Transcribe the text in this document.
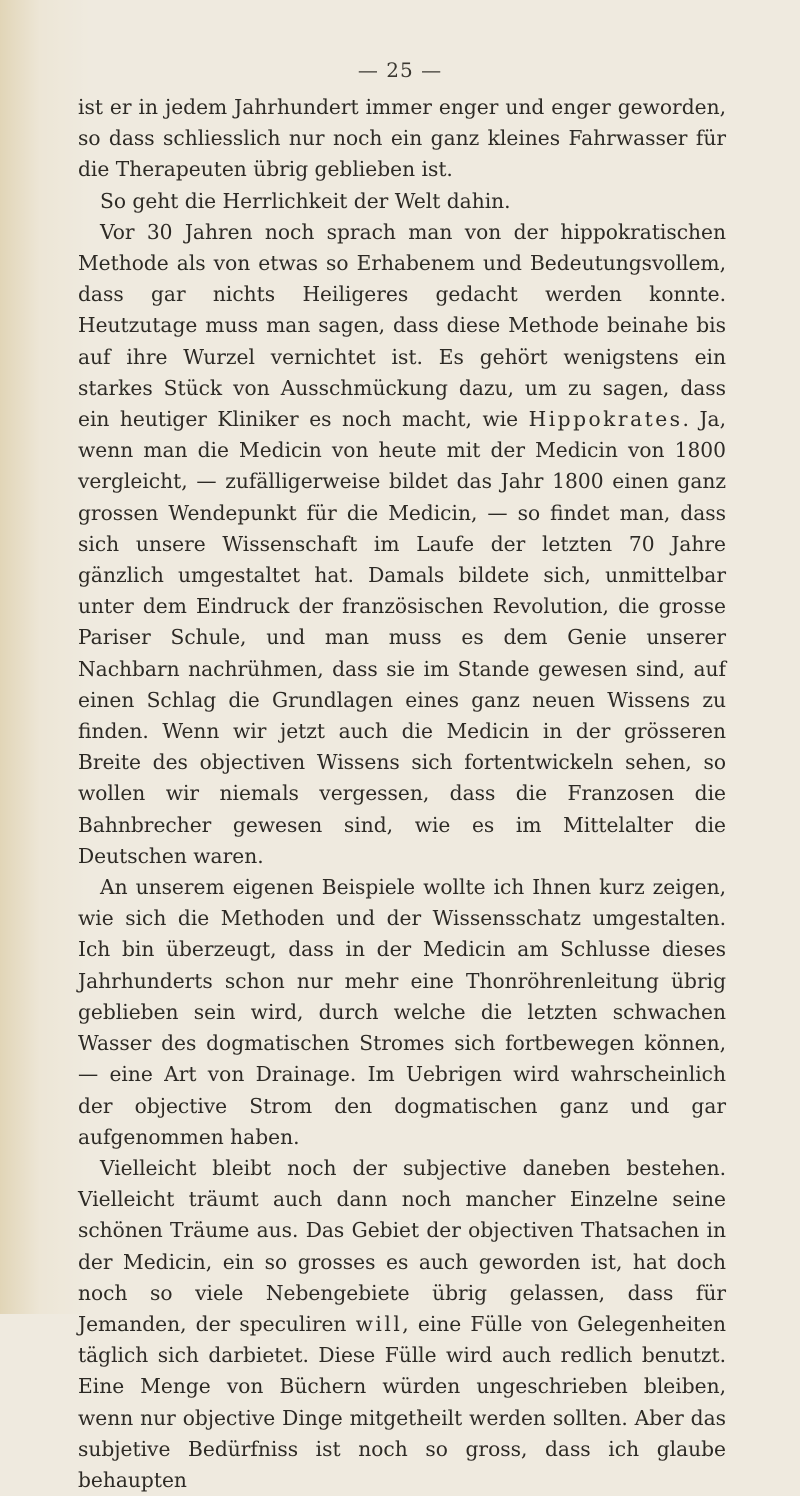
— 25 —

ist er in jedem Jahrhundert immer enger und enger geworden, so dass schliesslich nur noch ein ganz kleines Fahrwasser für die Therapeuten übrig geblieben ist.

So geht die Herrlichkeit der Welt dahin.

Vor 30 Jahren noch sprach man von der hippokratischen Methode als von etwas so Erhabenem und Bedeutungsvollem, dass gar nichts Heiligeres gedacht werden konnte. Heutzutage muss man sagen, dass diese Methode beinahe bis auf ihre Wurzel vernichtet ist. Es gehört wenigstens ein starkes Stück von Ausschmückung dazu, um zu sagen, dass ein heutiger Kliniker es noch macht, wie Hippokrates. Ja, wenn man die Medicin von heute mit der Medicin von 1800 vergleicht, — zufälligerweise bildet das Jahr 1800 einen ganz grossen Wendepunkt für die Medicin, — so findet man, dass sich unsere Wissenschaft im Laufe der letzten 70 Jahre gänzlich umgestaltet hat. Damals bildete sich, unmittelbar unter dem Eindruck der französischen Revolution, die grosse Pariser Schule, und man muss es dem Genie unserer Nachbarn nachrühmen, dass sie im Stande gewesen sind, auf einen Schlag die Grundlagen eines ganz neuen Wissens zu finden. Wenn wir jetzt auch die Medicin in der grösseren Breite des objectiven Wissens sich fortentwickeln sehen, so wollen wir niemals vergessen, dass die Franzosen die Bahnbrecher gewesen sind, wie es im Mittelalter die Deutschen waren.

An unserem eigenen Beispiele wollte ich Ihnen kurz zeigen, wie sich die Methoden und der Wissensschatz umgestalten. Ich bin überzeugt, dass in der Medicin am Schlusse dieses Jahrhunderts schon nur mehr eine Thonröhrenleitung übrig geblieben sein wird, durch welche die letzten schwachen Wasser des dogmatischen Stromes sich fortbewegen können, — eine Art von Drainage. Im Uebrigen wird wahrscheinlich der objective Strom den dogmatischen ganz und gar aufgenommen haben.

Vielleicht bleibt noch der subjective daneben bestehen. Vielleicht träumt auch dann noch mancher Einzelne seine schönen Träume aus. Das Gebiet der objectiven Thatsachen in der Medicin, ein so grosses es auch geworden ist, hat doch noch so viele Nebengebiete übrig gelassen, dass für Jemanden, der speculiren will, eine Fülle von Gelegenheiten täglich sich darbietet. Diese Fülle wird auch redlich benutzt. Eine Menge von Büchern würden ungeschrieben bleiben, wenn nur objective Dinge mitgetheilt werden sollten. Aber das subjetive Bedürfniss ist noch so gross, dass ich glaube behaupten
